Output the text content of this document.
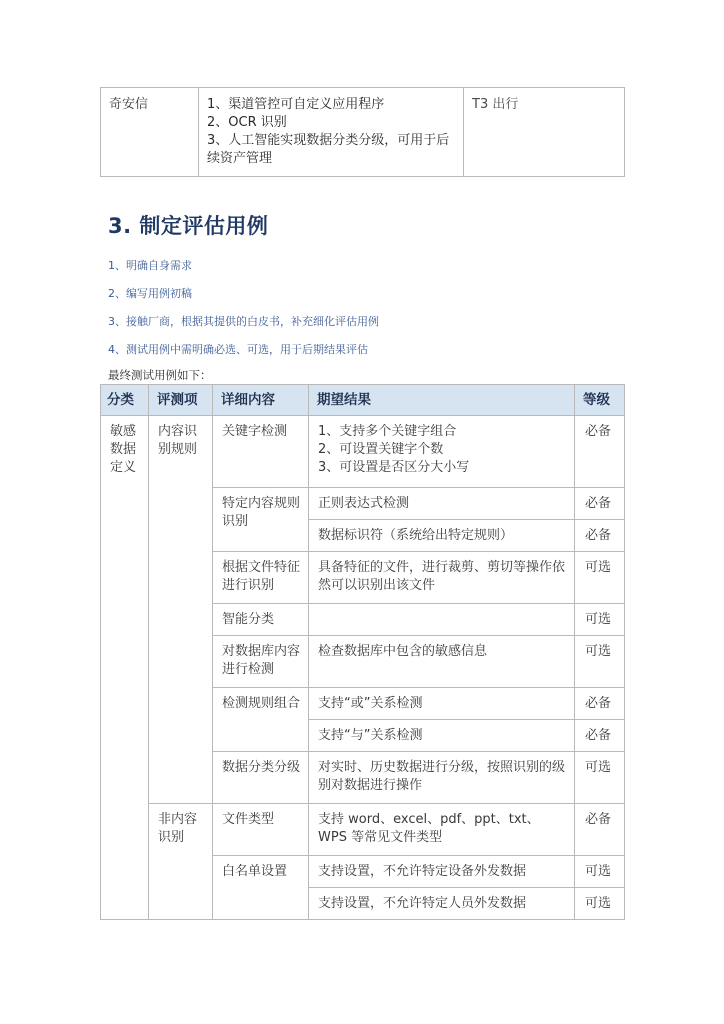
奇安信	1、渠道管控可自定义应用程序
2、OCR 识别
3、人工智能实现数据分类分级，可用于后续资产管理
	T3 出行
3. 制定评估用例

1、明确自身需求

2、编写用例初稿

3、接触厂商，根据其提供的白皮书，补充细化评估用例

4、测试用例中需明确必选、可选，用于后期结果评估

最终测试用例如下：

分类	评测项	详细内容	期望结果	等级
敏感数据定义	内容识别规则	关键字检测	1、支持多个关键字组合
2、可设置关键字个数
3、可设置是否区分大小写	必备
		特定内容规则识别	正则表达式检测	必备
			数据标识符（系统给出特定规则）	必备
		根据文件特征进行识别	具备特征的文件，进行裁剪、剪切等操作依然可以识别出该文件	可选
		智能分类		可选
		对数据库内容进行检测	检查数据库中包含的敏感信息	可选
		检测规则组合	支持“或”关系检测	必备
			支持“与”关系检测	必备
		数据分类分级	对实时、历史数据进行分级，按照识别的级别对数据进行操作	可选
	非内容识别	文件类型	支持 word、excel、pdf、ppt、txt、WPS 等常见文件类型	必备
		白名单设置	支持设置，不允许特定设备外发数据	可选
			支持设置，不允许特定人员外发数据	可选
